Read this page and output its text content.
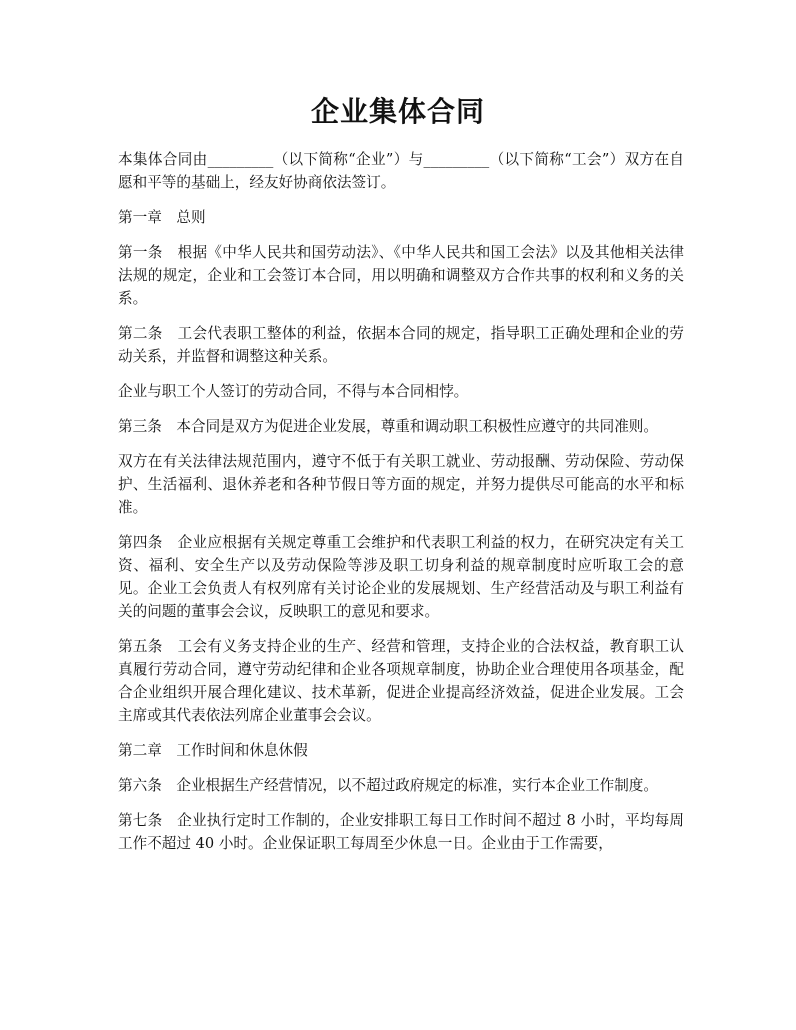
企业集体合同

本集体合同由_________（以下简称“企业”）与_________（以下简称“工会”）双方在自愿和平等的基础上，经友好协商依法签订。

第一章　总则

第一条　根据《中华人民共和国劳动法》、《中华人民共和国工会法》以及其他相关法律法规的规定，企业和工会签订本合同，用以明确和调整双方合作共事的权利和义务的关系。

第二条　工会代表职工整体的利益，依据本合同的规定，指导职工正确处理和企业的劳动关系，并监督和调整这种关系。

企业与职工个人签订的劳动合同，不得与本合同相悖。

第三条　本合同是双方为促进企业发展，尊重和调动职工积极性应遵守的共同准则。

双方在有关法律法规范围内，遵守不低于有关职工就业、劳动报酬、劳动保险、劳动保护、生活福利、退休养老和各种节假日等方面的规定，并努力提供尽可能高的水平和标准。

第四条　企业应根据有关规定尊重工会维护和代表职工利益的权力，在研究决定有关工资、福利、安全生产以及劳动保险等涉及职工切身利益的规章制度时应听取工会的意见。企业工会负责人有权列席有关讨论企业的发展规划、生产经营活动及与职工利益有关的问题的董事会会议，反映职工的意见和要求。

第五条　工会有义务支持企业的生产、经营和管理，支持企业的合法权益，教育职工认真履行劳动合同，遵守劳动纪律和企业各项规章制度，协助企业合理使用各项基金，配合企业组织开展合理化建议、技术革新，促进企业提高经济效益，促进企业发展。工会主席或其代表依法列席企业董事会会议。

第二章　工作时间和休息休假

第六条　企业根据生产经营情况，以不超过政府规定的标准，实行本企业工作制度。

第七条　企业执行定时工作制的，企业安排职工每日工作时间不超过 8 小时，平均每周工作不超过 40 小时。企业保证职工每周至少休息一日。企业由于工作需要，
